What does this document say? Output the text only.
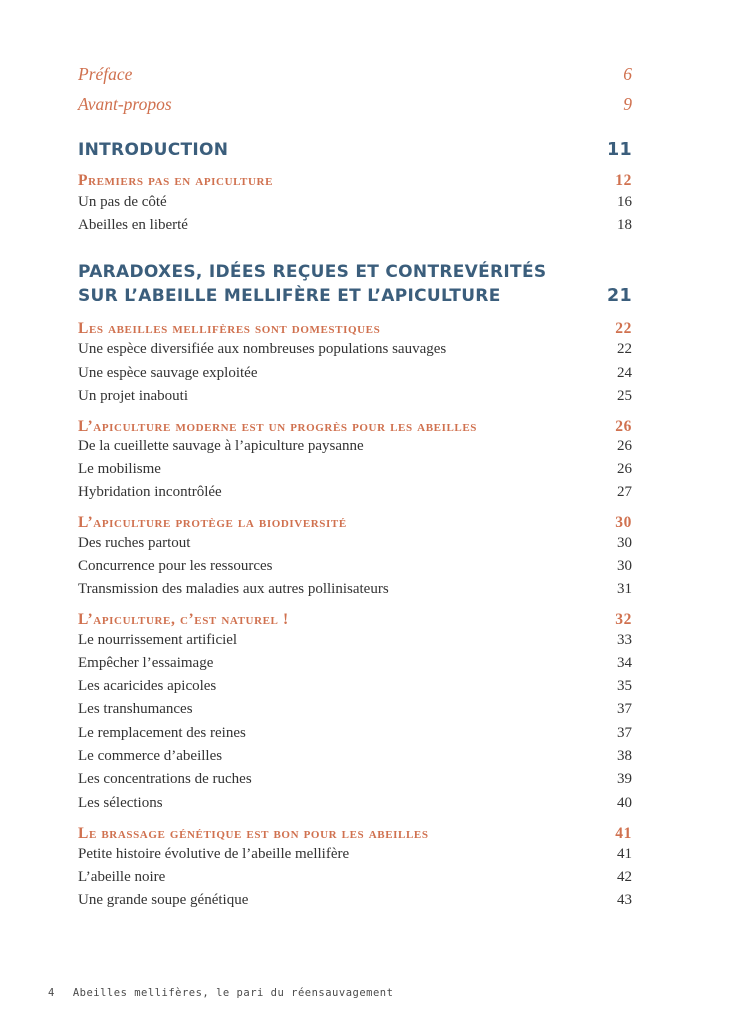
Préface	6
Avant-propos	9
INTRODUCTION	11
Premiers pas en apiculture	12
Un pas de côté	16
Abeilles en liberté	18
PARADOXES, IDÉES REÇUES ET CONTREVÉRITÉS
SUR L’ABEILLE MELLIFÈRE ET L’APICULTURE	21
Les abeilles mellifères sont domestiques	22
Une espèce diversifiée aux nombreuses populations sauvages	22
Une espèce sauvage exploitée	24
Un projet inabouti	25
L’apiculture moderne est un progrès pour les abeilles	26
De la cueillette sauvage à l’apiculture paysanne	26
Le mobilisme	26
Hybridation incontrôlée	27
L’apiculture protège la biodiversité	30
Des ruches partout	30
Concurrence pour les ressources	30
Transmission des maladies aux autres pollinisateurs	31
L’apiculture, c’est naturel !	32
Le nourrissement artificiel	33
Empêcher l’essaimage	34
Les acaricides apicoles	35
Les transhumances	37
Le remplacement des reines	37
Le commerce d’abeilles	38
Les concentrations de ruches	39
Les sélections	40
Le brassage génétique est bon pour les abeilles	41
Petite histoire évolutive de l’abeille mellifère	41
L’abeille noire	42
Une grande soupe génétique	43
4 Abeilles mellifères, le pari du réensauvagement
